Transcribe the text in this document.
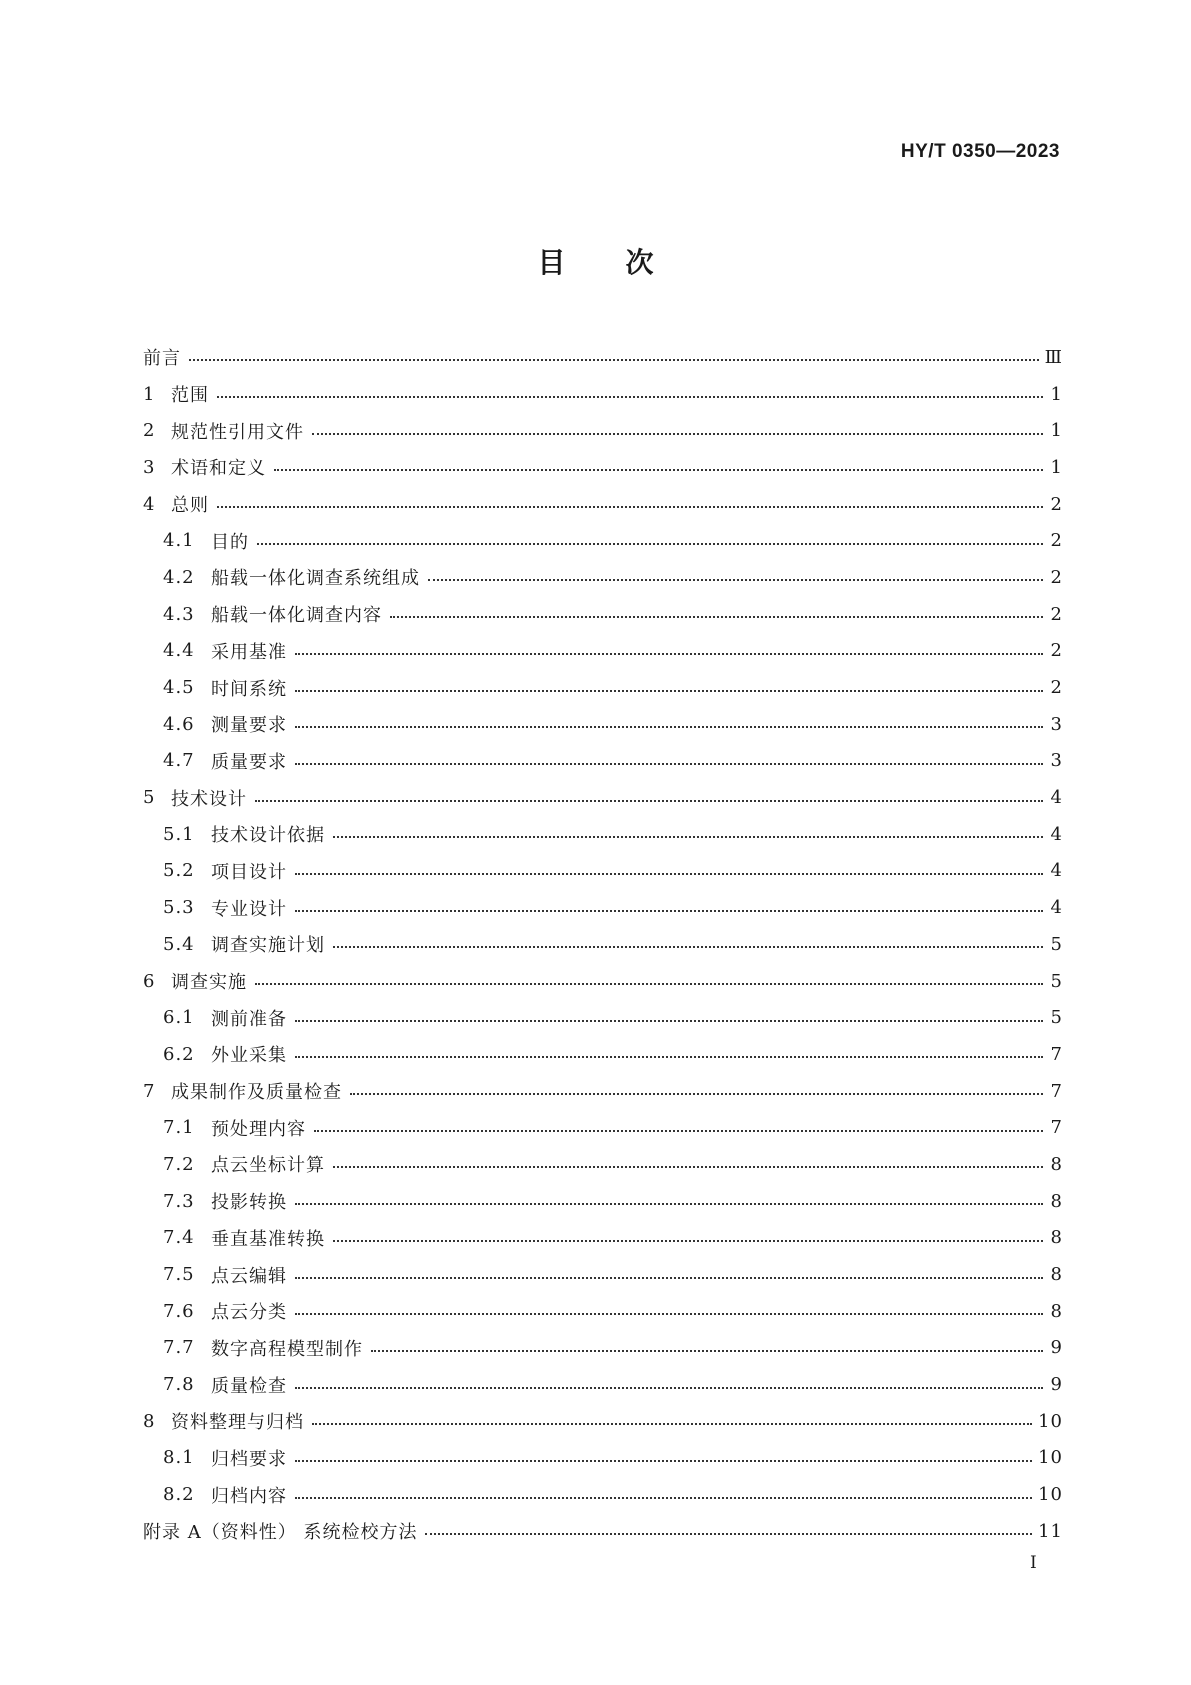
HY/T 0350—2023
目次
前言	Ⅲ
1 范围	1
2 规范性引用文件	1
3 术语和定义	1
4 总则	2
4.1 目的	2
4.2 船载一体化调查系统组成	2
4.3 船载一体化调查内容	2
4.4 采用基准	2
4.5 时间系统	2
4.6 测量要求	3
4.7 质量要求	3
5 技术设计	4
5.1 技术设计依据	4
5.2 项目设计	4
5.3 专业设计	4
5.4 调查实施计划	5
6 调查实施	5
6.1 测前准备	5
6.2 外业采集	7
7 成果制作及质量检查	7
7.1 预处理内容	7
7.2 点云坐标计算	8
7.3 投影转换	8
7.4 垂直基准转换	8
7.5 点云编辑	8
7.6 点云分类	8
7.7 数字高程模型制作	9
7.8 质量检查	9
8 资料整理与归档	10
8.1 归档要求	10
8.2 归档内容	10
附录 A（资料性） 系统检校方法	11
I
